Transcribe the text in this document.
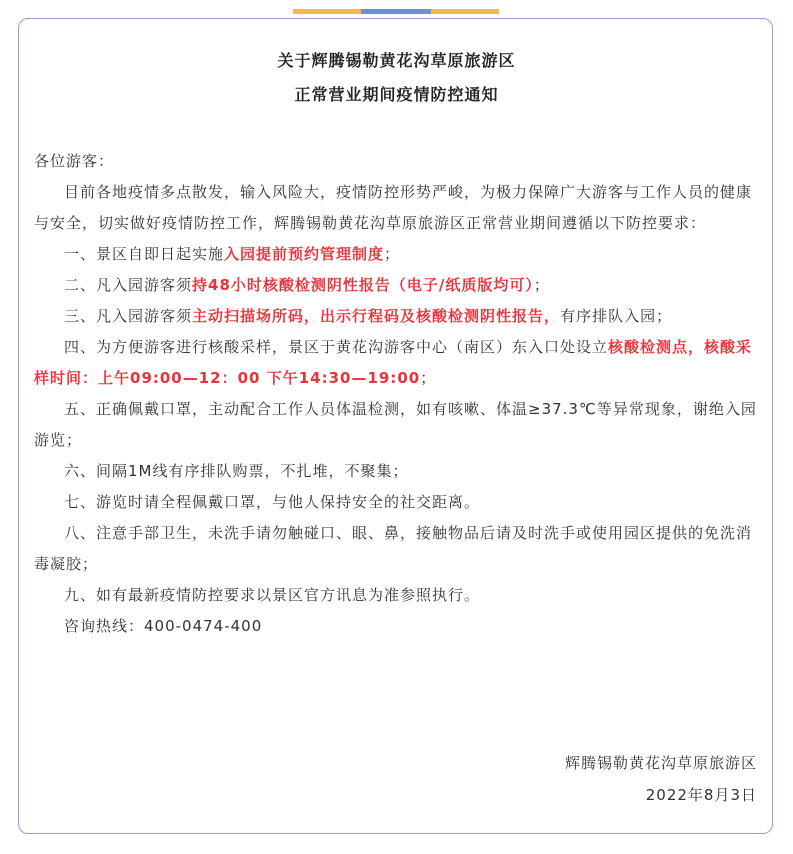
关于辉腾锡勒黄花沟草原旅游区
正常营业期间疫情防控通知

各位游客：

目前各地疫情多点散发，输入风险大，疫情防控形势严峻，为极力保障广大游客与工作人员的健康与安全，切实做好疫情防控工作，辉腾锡勒黄花沟草原旅游区正常营业期间遵循以下防控要求：

一、景区自即日起实施入园提前预约管理制度；

二、凡入园游客须持48小时核酸检测阴性报告（电子/纸质版均可）；

三、凡入园游客须主动扫描场所码，出示行程码及核酸检测阴性报告，有序排队入园；

四、为方便游客进行核酸采样，景区于黄花沟游客中心（南区）东入口处设立核酸检测点，核酸采样时间：上午09:00—12：00 下午14:30—19:00；

五、正确佩戴口罩，主动配合工作人员体温检测，如有咳嗽、体温≥37.3℃等异常现象，谢绝入园游览；

六、间隔1M线有序排队购票，不扎堆，不聚集；

七、游览时请全程佩戴口罩，与他人保持安全的社交距离。

八、注意手部卫生，未洗手请勿触碰口、眼、鼻，接触物品后请及时洗手或使用园区提供的免洗消毒凝胶；

九、如有最新疫情防控要求以景区官方讯息为准参照执行。

咨询热线：400-0474-400

辉腾锡勒黄花沟草原旅游区
2022年8月3日
